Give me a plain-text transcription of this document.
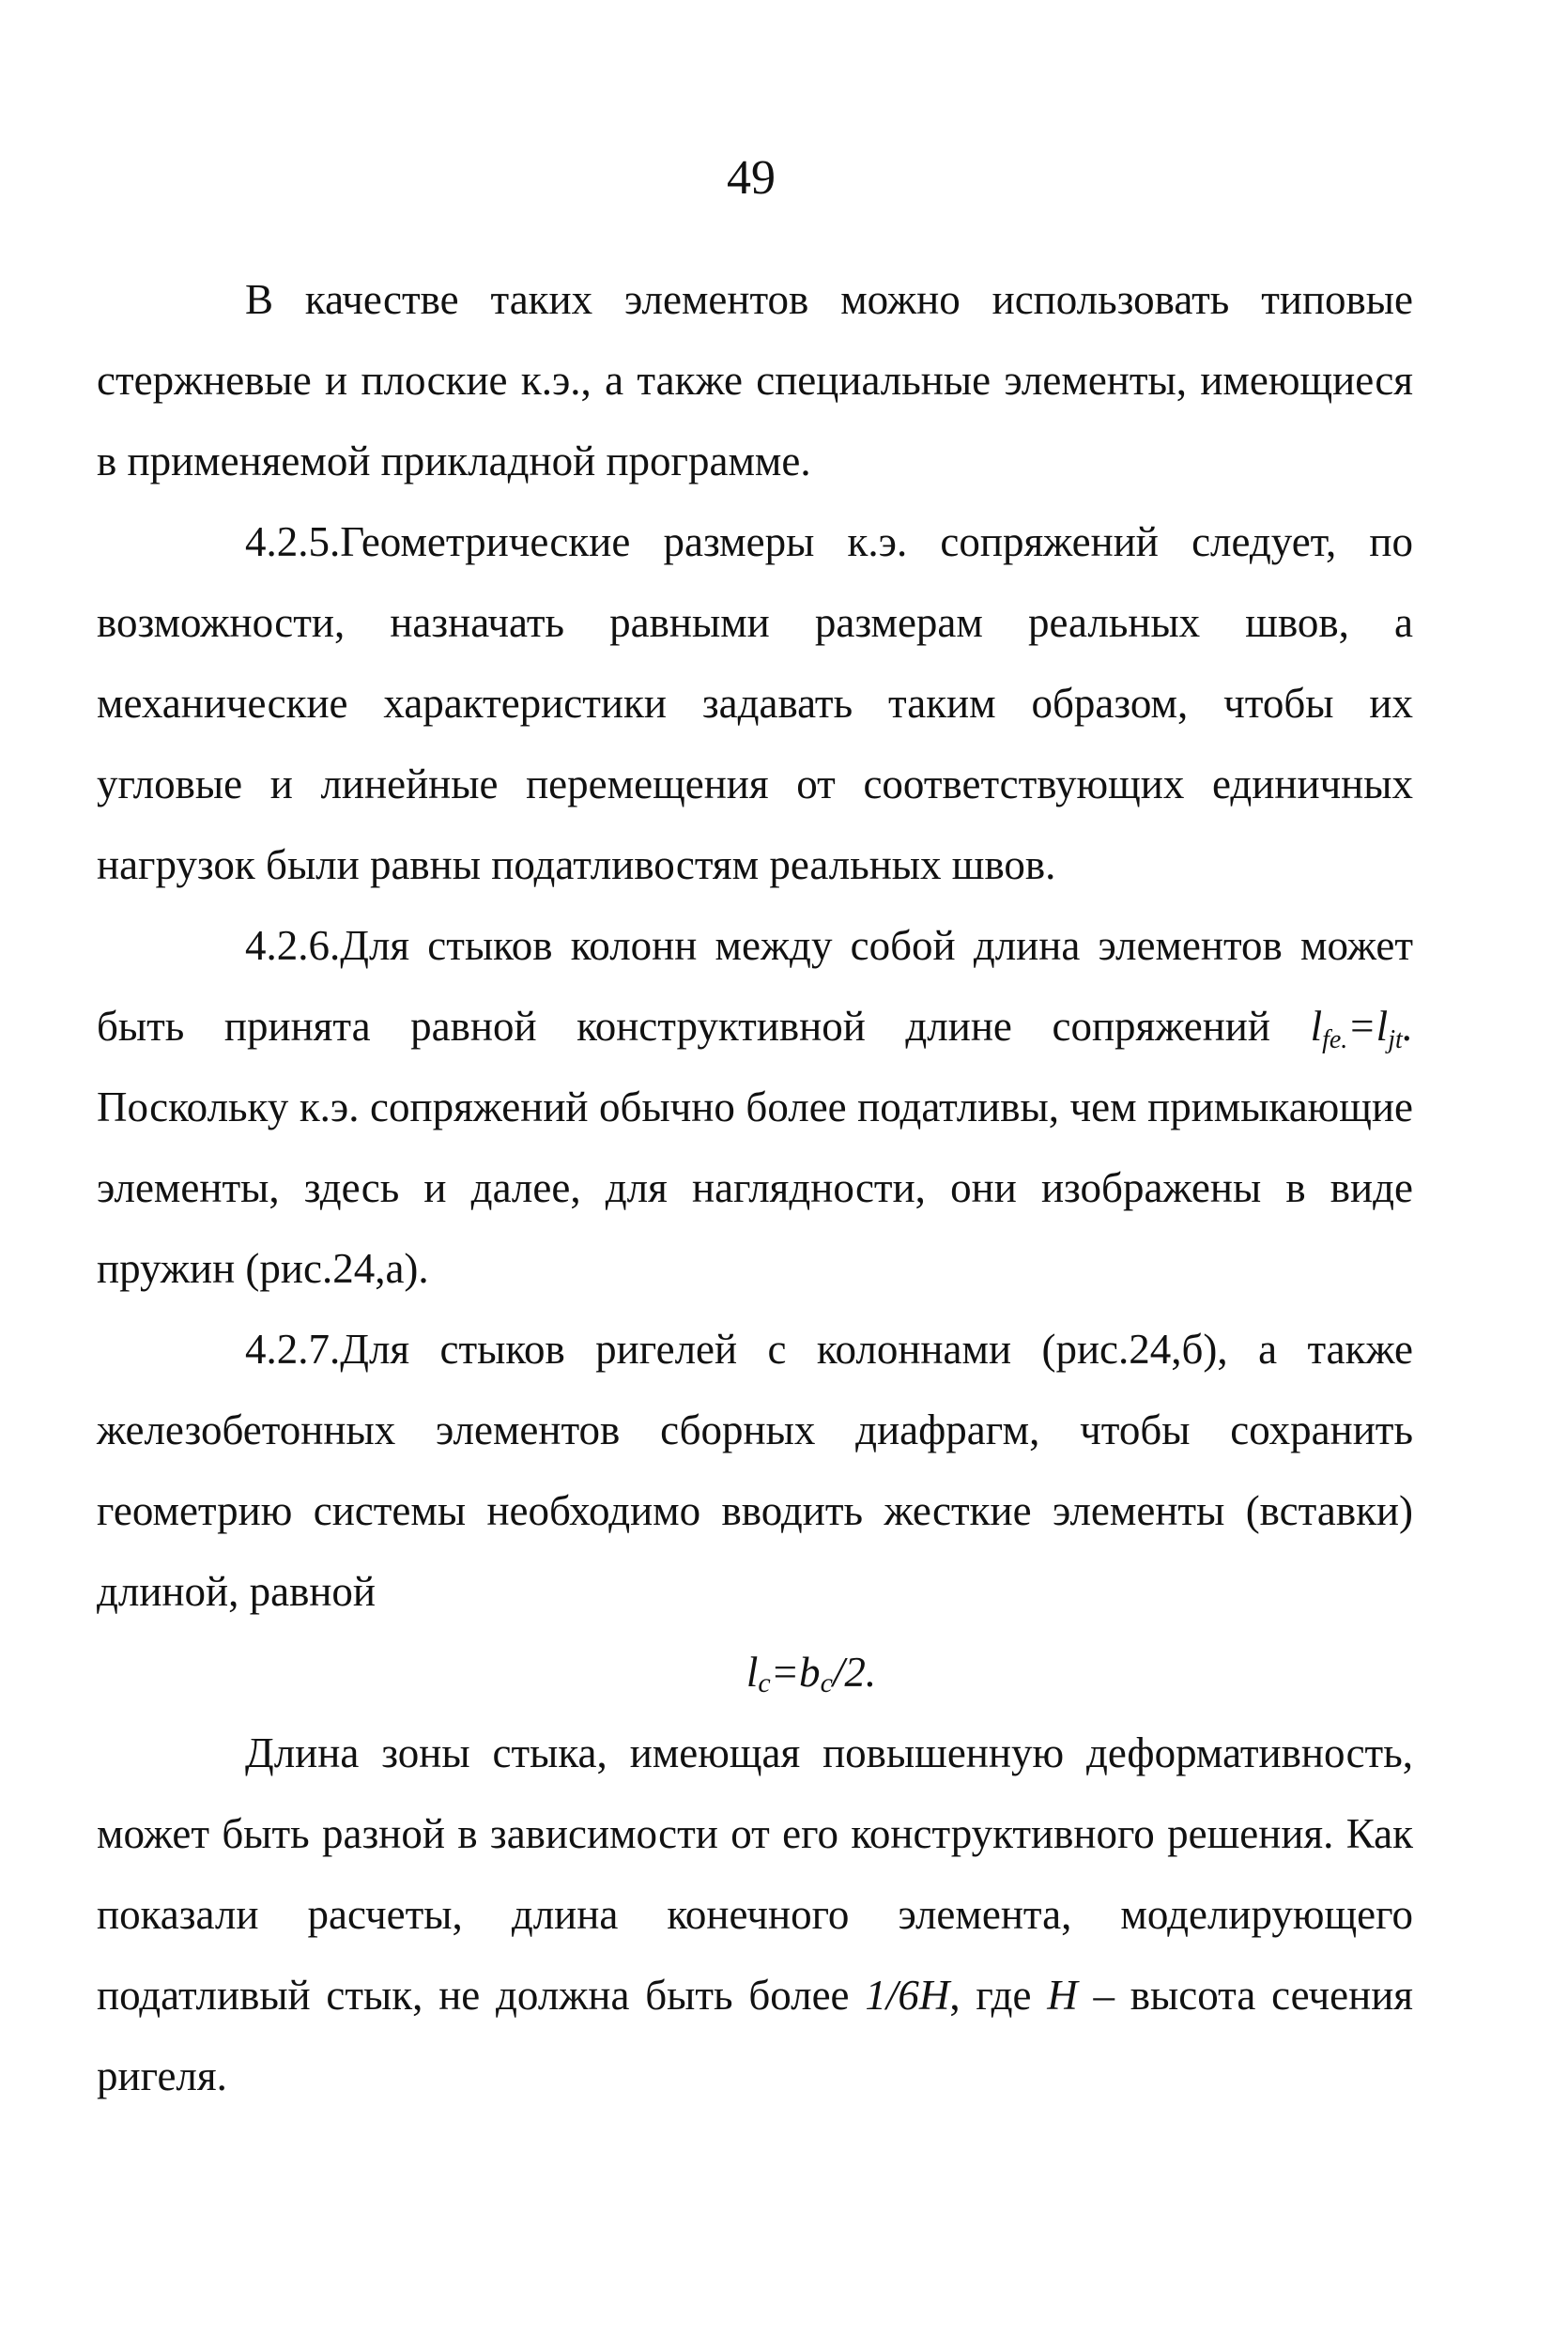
49

В качестве таких элементов можно использовать типовые стержневые и плоские к.э., а также специальные элементы, имеющиеся в применяемой прикладной программе.

4.2.5.Геометрические размеры к.э. сопряжений следует, по возможности, назначать равными размерам реальных швов, а механические характеристики задавать таким образом, чтобы их угловые и линейные перемещения от соответствующих единичных нагрузок были равны податливостям реальных швов.

4.2.6.Для стыков колонн между собой длина элементов может быть принята равной конструктивной длине сопряжений $l_{fe.}=l_{jt}$. Поскольку к.э. сопряжений обычно более податливы, чем примыкающие элементы, здесь и далее, для наглядности, они изображены в виде пружин (рис.24,а).

4.2.7.Для стыков ригелей с колоннами (рис.24,б), а также железобетонных элементов сборных диафрагм, чтобы сохранить геометрию системы необходимо вводить жесткие элементы (вставки) длиной, равной

$l_c=b_c/2$.

Длина зоны стыка, имеющая повышенную деформативность, может быть разной в зависимости от его конструктивного решения. Как показали расчеты, длина конечного элемента, моделирующего податливый стык, не должна быть более 1/6H, где H – высота сечения ригеля.
